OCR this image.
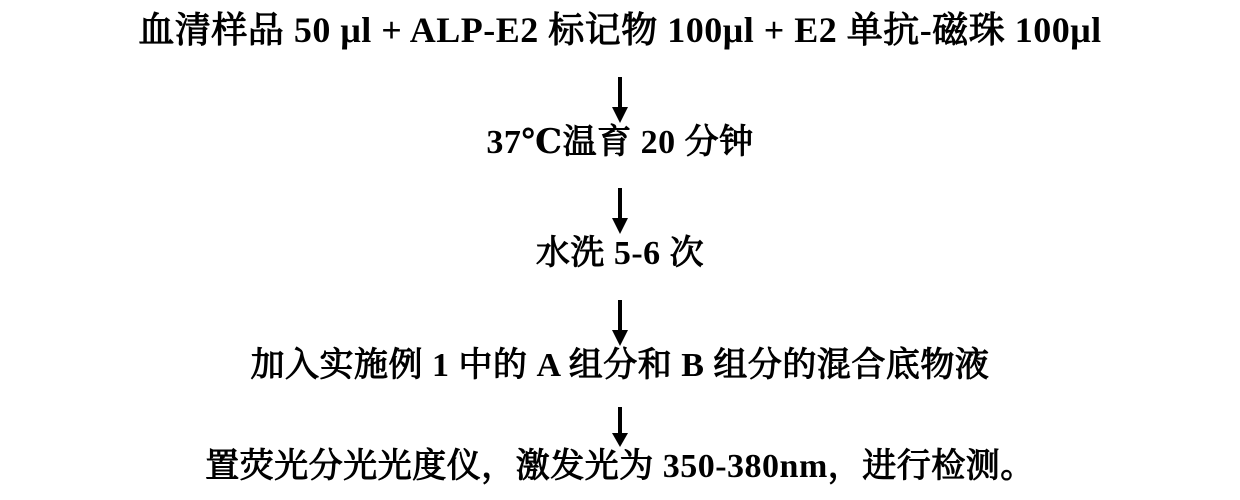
血清样品 50 μl + ALP-E2 标记物 100μl + E2 单抗-磁珠 100μl
37℃温育 20 分钟
水洗 5-6 次
加入实施例 1 中的 A 组分和 B 组分的混合底物液
置荧光分光光度仪，激发光为 350-380nm，进行检测。
